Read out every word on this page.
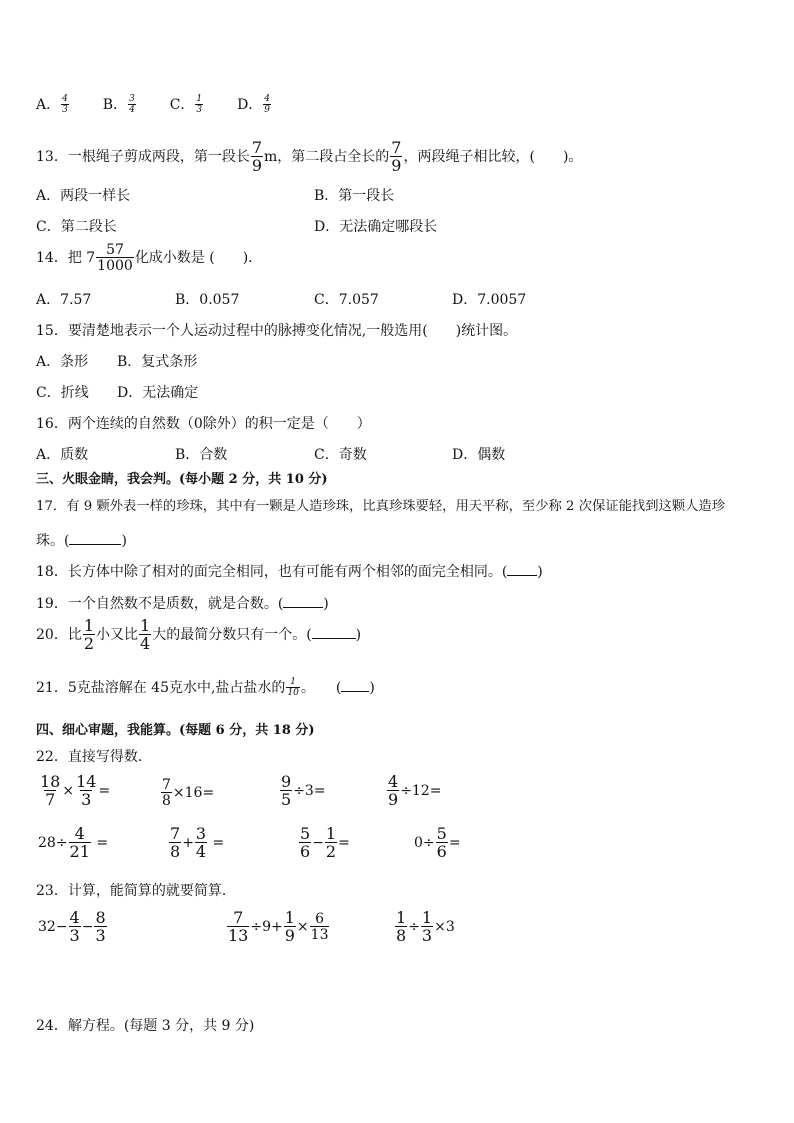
A． $\frac{4}{3}$ B． $\frac{3}{4}$ C． $\frac{1}{3}$ D． $\frac{4}{9}$
13．一根绳子剪成两段，第一段长 $\frac{7}{9}$ m，第二段占全长的 $\frac{7}{9}$ ，两段绳子相比较，(　　)。
A．两段一样长	B．第一段长
C．第二段长	D．无法确定哪段长
14．把 $7 \frac{57}{1000}$ 化成小数是 (　　)．
A．7.57	B．0.057	C．7.057	D．7.0057
15．要清楚地表示一个人运动过程中的脉搏变化情况,一般选用(　　)统计图。
A．条形 B．复式条形
C．折线 D．无法确定
16．两个连续的自然数（0除外）的积一定是（　　）
A．质数	B．合数	C．奇数	D．偶数
三、火眼金睛，我会判。(每小题 2 分，共 10 分)
17．有 9 颗外表一样的珍珠，其中有一颗是人造珍珠，比真珍珠要轻，用天平称，至少称 2 次保证能找到这颗人造珍
珠。(	)
18．长方体中除了相对的面完全相同，也有可能有两个相邻的面完全相同。( )
19．一个自然数不是质数，就是合数。(	)
20．比 $\frac{1}{2}$ 小又比 $\frac{1}{4}$ 大的最简分数只有一个。(	)
21．5克盐溶解在 45克水中,盐占盐水的 $\frac{1}{10}$ 。　　( )
四、细心审题，我能算。(每题 6 分，共 18 分)
22．直接写得数．
$\frac{18}{7} \times \frac{14}{3}$ =	$\frac{7}{8} \times 16=$	$\frac{9}{5} \div 3=$	$\frac{4}{9} \div 12=$
$28\div \frac{4}{21}$ =	$\frac{7}{8} + \frac{3}{4}$ =	$\frac{5}{6} - \frac{1}{2}$ =	$0\div \frac{5}{6}$ =
23．计算，能简算的就要简算．
$32- \frac{4}{3} - \frac{8}{3}$	$\frac{7}{13} \div 9+ \frac{1}{9} \times \frac{6}{13}$	$\frac{1}{8} \div \frac{1}{3} \times 3$
24．解方程。(每题 3 分，共 9 分)
